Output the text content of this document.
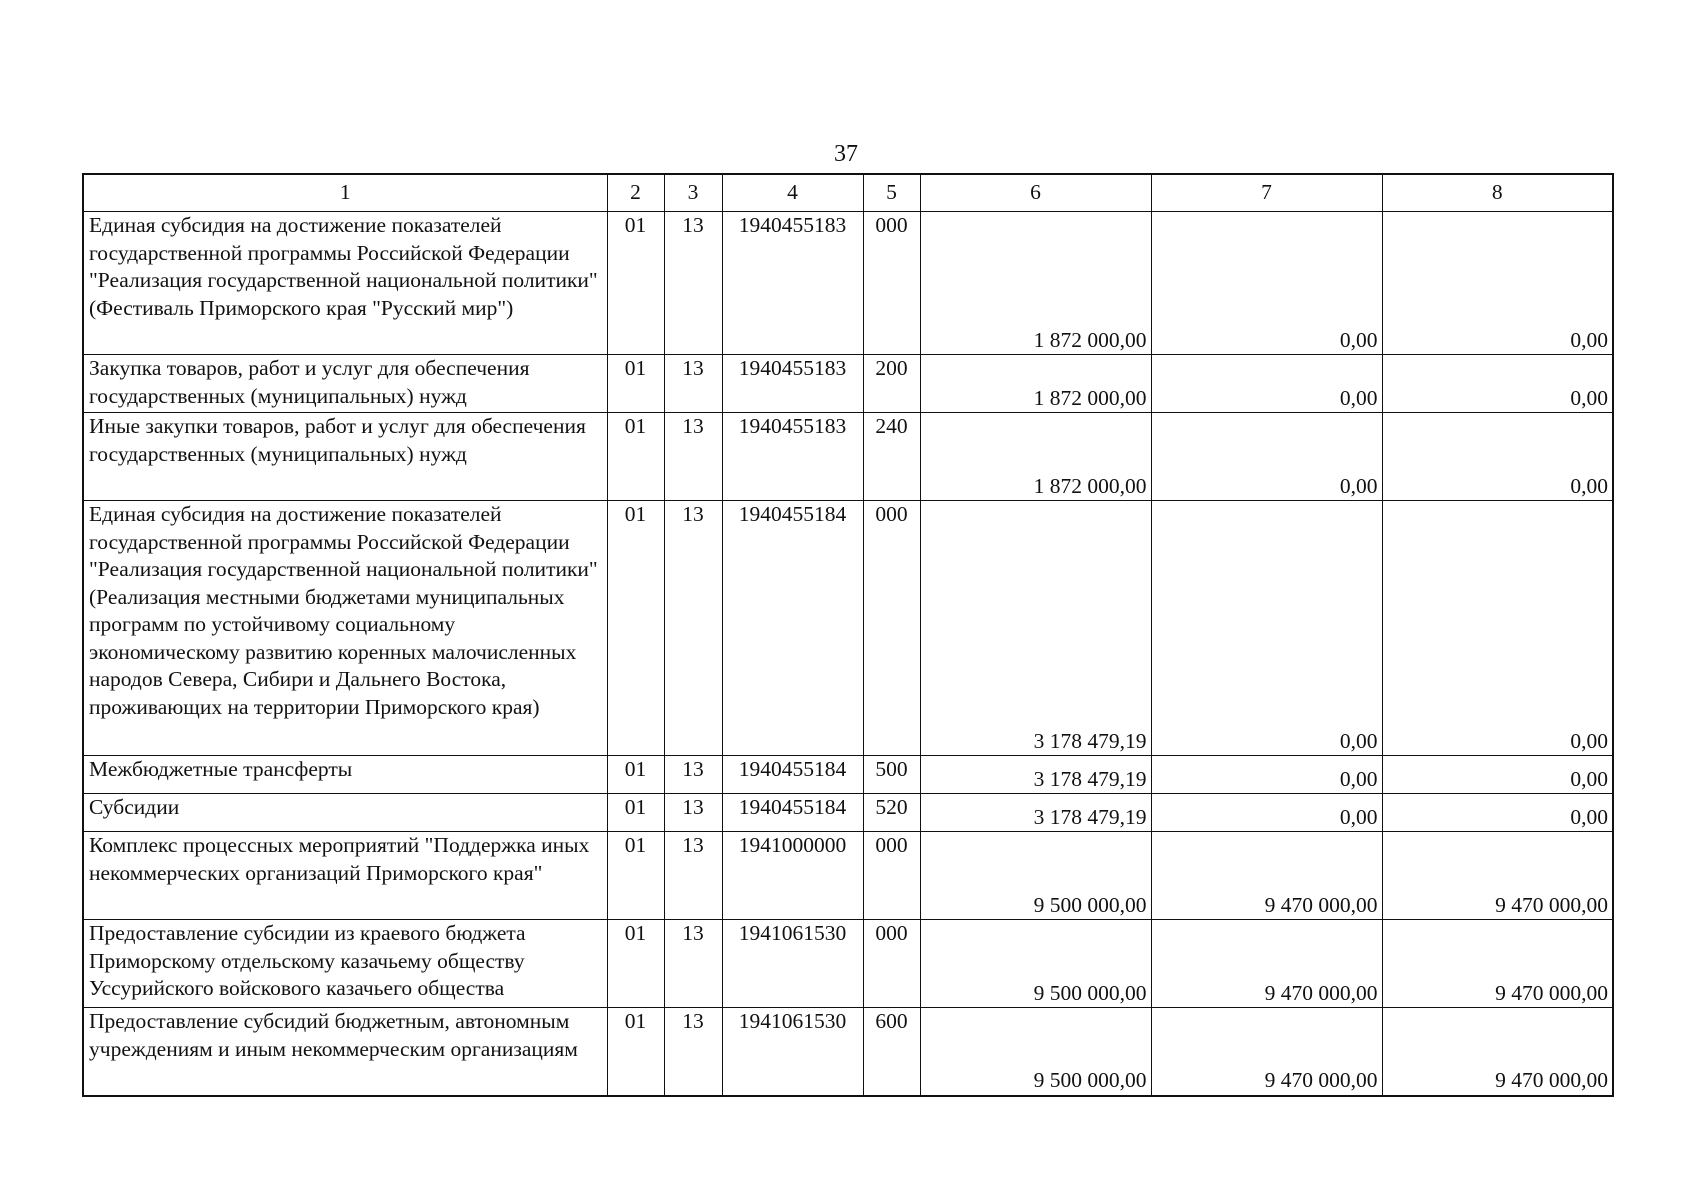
37
1	2	3	4	5	6	7	8
Единая субсидия на достижение показателей государственной программы Российской Федерации "Реализация государственной национальной политики" (Фестиваль Приморского края "Русский мир")	01	13	1940455183	000	1 872 000,00	0,00	0,00
Закупка товаров, работ и услуг для обеспечения государственных (муниципальных) нужд	01	13	1940455183	200	1 872 000,00	0,00	0,00
Иные закупки товаров, работ и услуг для обеспечения государственных (муниципальных) нужд	01	13	1940455183	240	1 872 000,00	0,00	0,00
Единая субсидия на достижение показателей государственной программы Российской Федерации "Реализация государственной национальной политики" (Реализация местными бюджетами муниципальных программ по устойчивому социальному экономическому развитию коренных малочисленных народов Севера, Сибири и Дальнего Востока, проживающих на территории Приморского края)	01	13	1940455184	000	3 178 479,19	0,00	0,00
Межбюджетные трансферты	01	13	1940455184	500	3 178 479,19	0,00	0,00
Субсидии	01	13	1940455184	520	3 178 479,19	0,00	0,00
Комплекс процессных мероприятий "Поддержка иных некоммерческих организаций Приморского края"	01	13	1941000000	000	9 500 000,00	9 470 000,00	9 470 000,00
Предоставление субсидии из краевого бюджета Приморскому отдельскому казачьему обществу Уссурийского войскового казачьего общества	01	13	1941061530	000	9 500 000,00	9 470 000,00	9 470 000,00
Предоставление субсидий бюджетным, автономным учреждениям и иным некоммерческим организациям	01	13	1941061530	600	9 500 000,00	9 470 000,00	9 470 000,00
